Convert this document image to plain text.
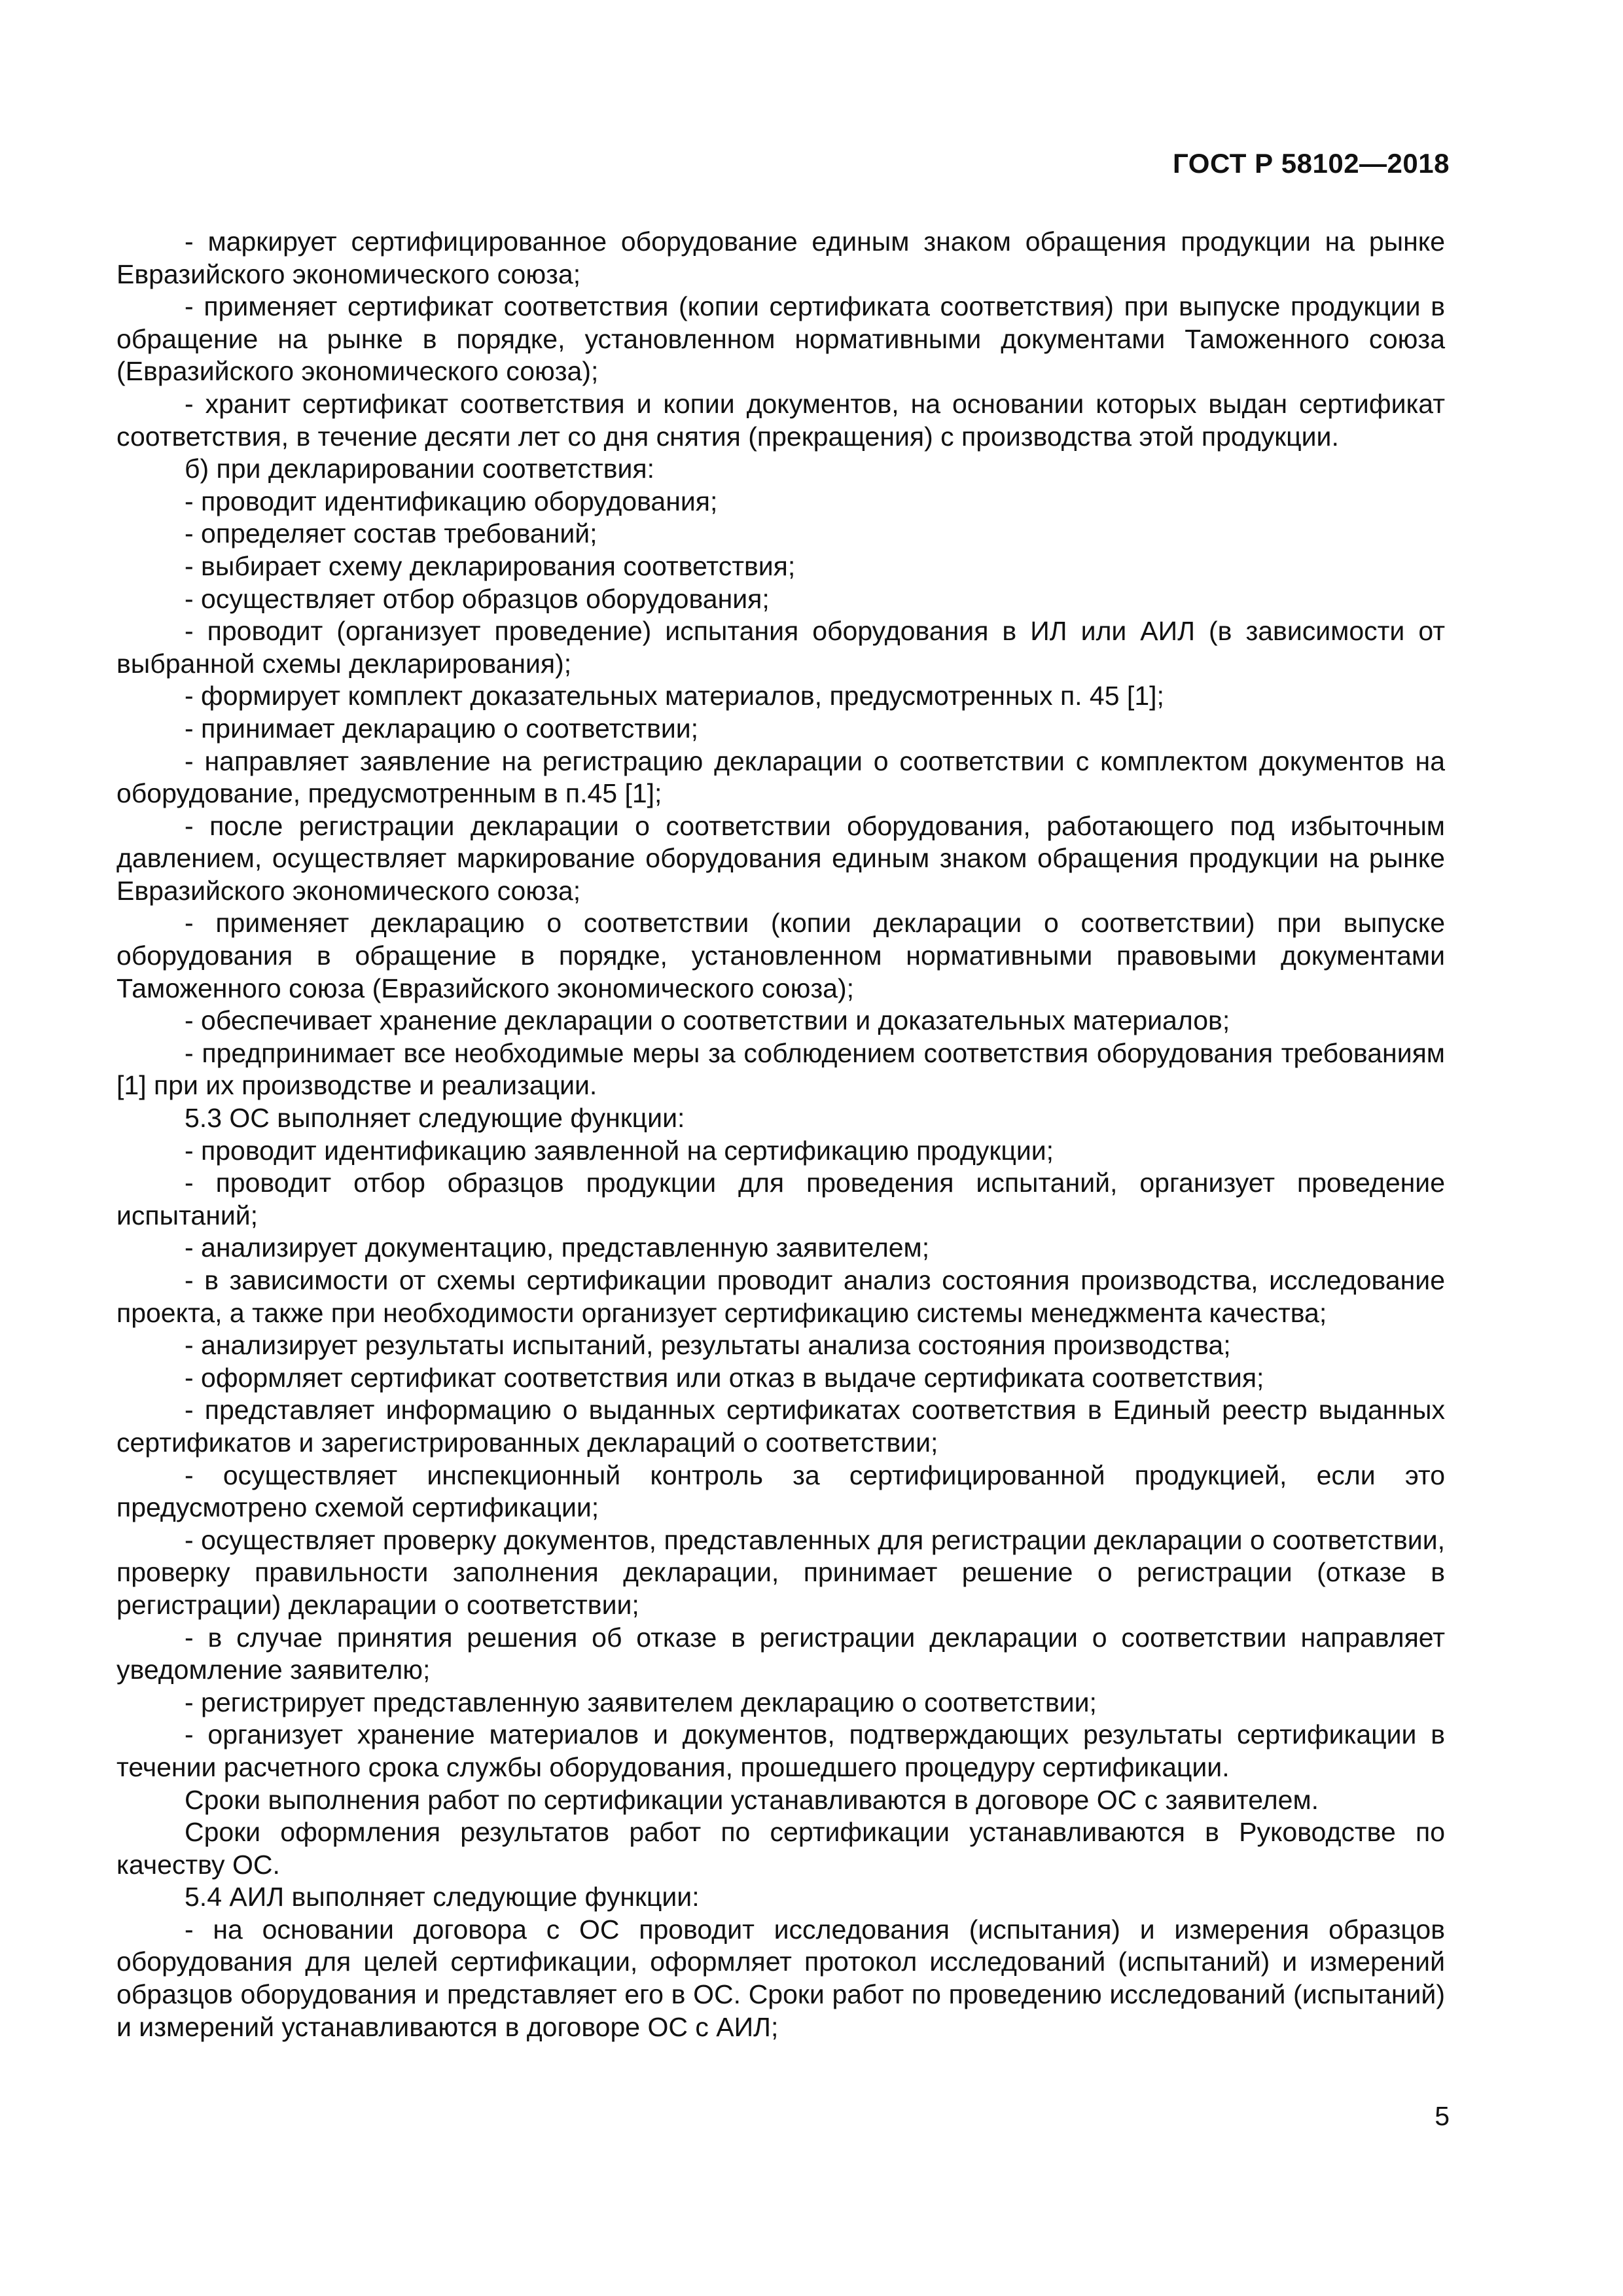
ГОСТ Р 58102—2018

- маркирует сертифицированное оборудование единым знаком обращения продукции на рынке Евразийского экономического союза;

- применяет сертификат соответствия (копии сертификата соответствия) при выпуске продукции в обращение на рынке в порядке, установленном нормативными документами Таможенного союза (Евразийского экономического союза);

- хранит сертификат соответствия и копии документов, на основании которых выдан сертификат соответствия, в течение десяти лет со дня снятия (прекращения) с производства этой продукции.

б) при декларировании соответствия:

- проводит идентификацию оборудования;

- определяет состав требований;

- выбирает схему декларирования соответствия;

- осуществляет отбор образцов оборудования;

- проводит (организует проведение) испытания оборудования в ИЛ или АИЛ (в зависимости от выбранной схемы декларирования);

- формирует комплект доказательных материалов, предусмотренных п. 45 [1];

- принимает декларацию о соответствии;

- направляет заявление на регистрацию декларации о соответствии с комплектом документов на оборудование, предусмотренным в п.45 [1];

- после регистрации декларации о соответствии оборудования, работающего под избыточным давлением, осуществляет маркирование оборудования единым знаком обращения продукции на рынке Евразийского экономического союза;

- применяет декларацию о соответствии (копии декларации о соответствии) при выпуске оборудования в обращение в порядке, установленном нормативными правовыми документами Таможенного союза (Евразийского экономического союза);

- обеспечивает хранение декларации о соответствии и доказательных материалов;

- предпринимает все необходимые меры за соблюдением соответствия оборудования требованиям [1] при их производстве и реализации.

5.3 ОС выполняет следующие функции:

- проводит идентификацию заявленной на сертификацию продукции;

- проводит отбор образцов продукции для проведения испытаний, организует проведение испытаний;

- анализирует документацию, представленную заявителем;

- в зависимости от схемы сертификации проводит анализ состояния производства, исследование проекта, а также при необходимости организует сертификацию системы менеджмента качества;

- анализирует результаты испытаний, результаты анализа состояния производства;

- оформляет сертификат соответствия или отказ в выдаче сертификата соответствия;

- представляет информацию о выданных сертификатах соответствия в Единый реестр выданных сертификатов и зарегистрированных деклараций о соответствии;

- осуществляет инспекционный контроль за сертифицированной продукцией, если это предусмотрено схемой сертификации;

- осуществляет проверку документов, представленных для регистрации декларации о соответствии, проверку правильности заполнения декларации, принимает решение о регистрации (отказе в регистрации) декларации о соответствии;

- в случае принятия решения об отказе в регистрации декларации о соответствии направляет уведомление заявителю;

- регистрирует представленную заявителем декларацию о соответствии;

- организует хранение материалов и документов, подтверждающих результаты сертификации в течении расчетного срока службы оборудования, прошедшего процедуру сертификации.

Сроки выполнения работ по сертификации устанавливаются в договоре ОС с заявителем.

Сроки оформления результатов работ по сертификации устанавливаются в Руководстве по качеству ОС.

5.4 АИЛ выполняет следующие функции:

- на основании договора с ОС проводит исследования (испытания) и измерения образцов оборудования для целей сертификации, оформляет протокол исследований (испытаний) и измерений образцов оборудования и представляет его в ОС. Сроки работ по проведению исследований (испытаний) и измерений устанавливаются в договоре ОС с АИЛ;

5
